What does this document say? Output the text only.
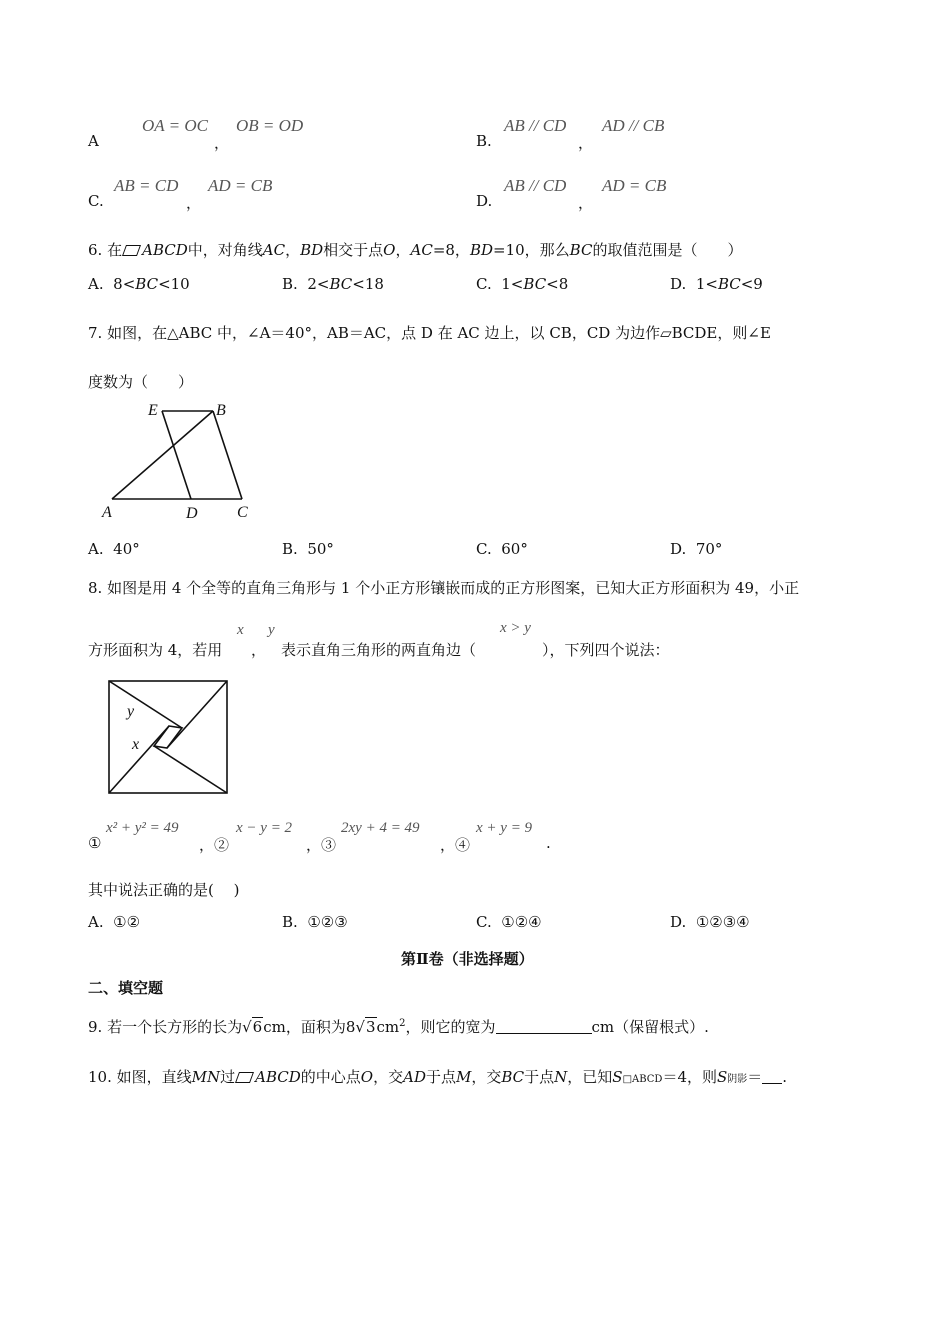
A
OA = OC
，
OB = OD
B.
AB // CD
，
AD // CB
C.
AB = CD
，
AD = CB
D.
AB // CD
，
AD = CB
6. 在 ABCD中，对角线AC，BD相交于点O，AC=8，BD=10，那么BC的取值范围是（　　）
A. 8<BC<10	B. 2<BC<18	C. 1<BC<8	D. 1<BC<9
7. 如图，在△ABC 中，∠A＝40°，AB＝AC，点 D 在 AC 边上，以 CB，CD 为边作▱BCDE，则∠E
度数为（　　）
E	B
A	D C
A. 40°	B. 50°	C. 60°	D. 70°
8. 如图是用 4 个全等的直角三角形与 1 个小正方形镶嵌而成的正方形图案，已知大正方形面积为 49，小正
方形面积为 4，若用
x
，
y
表示直角三角形的两直角边（
x > y
），下列四个说法：
y
x
①
x² + y² = 49
，②
x − y = 2
，③
2xy + 4 = 49
，④
x + y = 9
.
其中说法正确的是(　 )
A. ①②	B. ①②③	C. ①②④	D. ①②③④
第Ⅱ卷（非选择题）
二、填空题
9. 若一个长方形的长为√6cm，面积为$8√3cm^2$，则它的宽为	cm（保留根式）.
10. 如图，直线MN过 ABCD的中心点O，交AD于点M，交BC于点N，已知S□ABCD＝4，则S阴影＝ .
